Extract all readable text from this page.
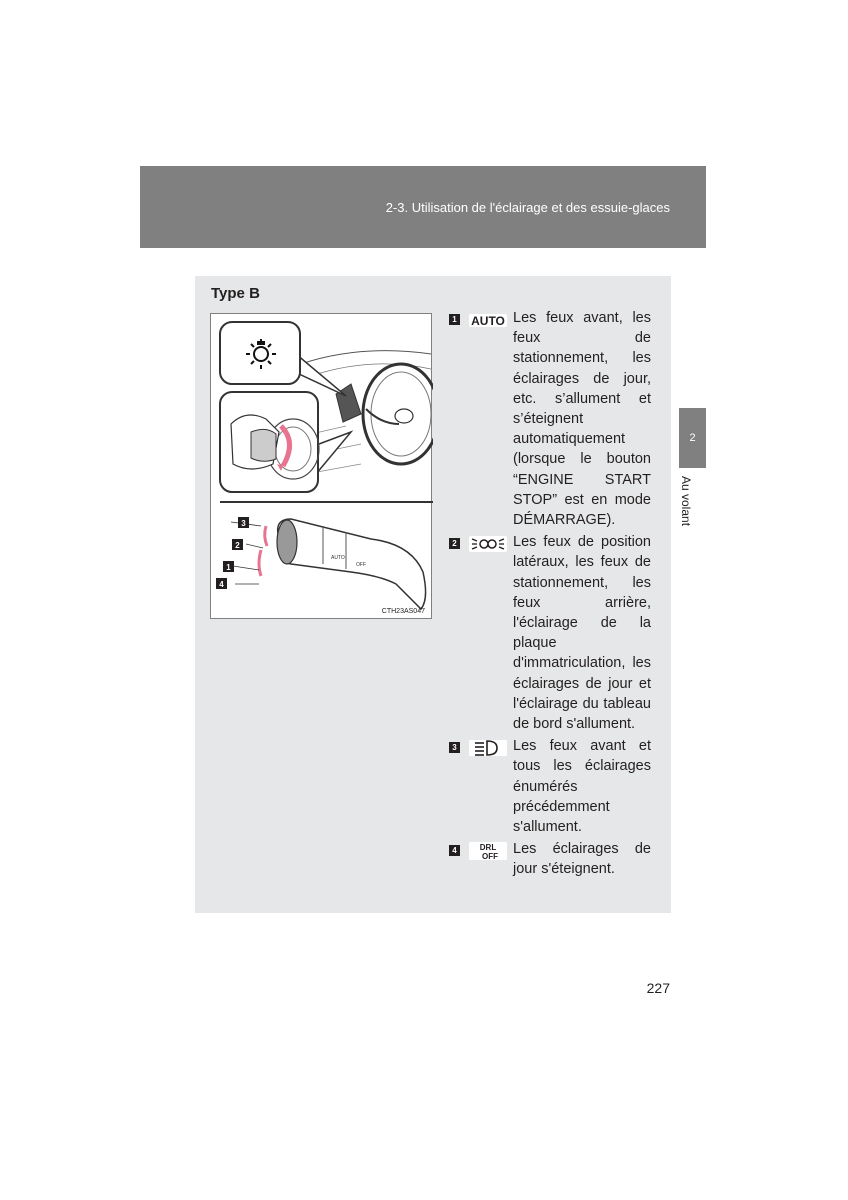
2-3. Utilisation de l'éclairage et des essuie-glaces
2
Au volant
Type B
AUTO
OFF
3
2
1
4
CTH23AS047
1 AUTO Les feux avant, les feux de stationnement, les éclairages de jour, etc. s’allument et s’éteignent automatiquement (lorsque le bouton “ENGINE START STOP” est en mode DÉMARRAGE).
2	Les feux de position latéraux, les feux de stationnement, les feux arrière, l'éclairage de la plaque d'immatriculation, les éclairages de jour et l'éclairage du tableau de bord s'allument.
3	Les feux avant et tous les éclairages énumérés précédemment s'allument.
4	DRL
OFF Les éclairages de jour s'éteignent.
227
